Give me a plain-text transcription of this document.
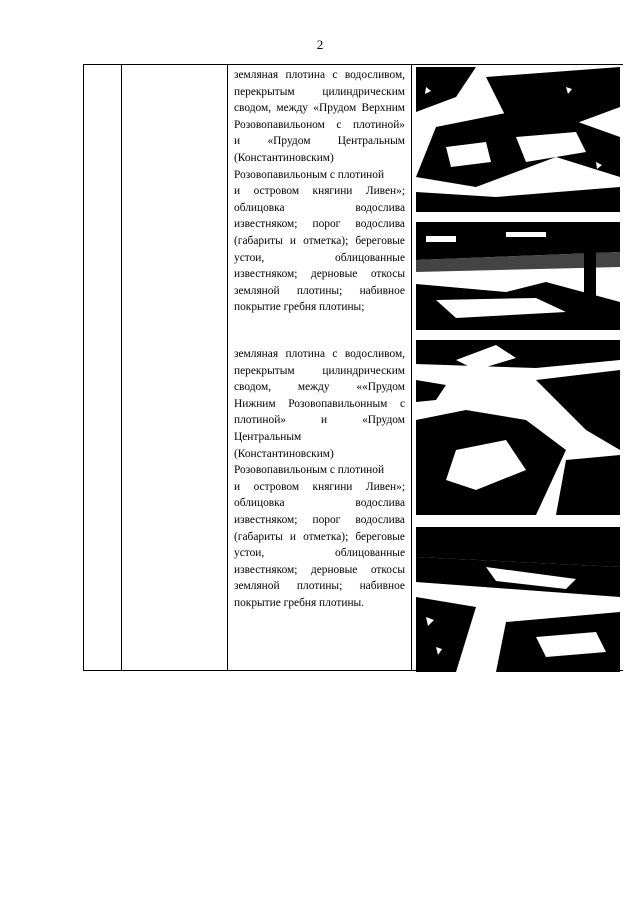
2

земляная плотина с водосливом,

перекрытым цилиндрическим

сводом, между «Прудом Верхним

Розовопавильоном с плотиной»

и «Прудом Центральным

(Константиновским)

Розовопавильоным с плотиной

и островом княгини Ливен»;

облицовка водослива

известняком; порог водослива

(габариты и отметка); береговые

устои, облицованные

известняком; дерновые откосы

земляной плотины; набивное

покрытие гребня плотины;

земляная плотина с водосливом,

перекрытым цилиндрическим

сводом, между ««Прудом

Нижним Розовопавильонным с

плотиной» и «Прудом

Центральным

(Константиновским)

Розовопавильоным с плотиной

и островом княгини Ливен»;

облицовка водослива

известняком; порог водослива

(габариты и отметка); береговые

устои, облицованные

известняком; дерновые откосы

земляной плотины; набивное

покрытие гребня плотины.

•
